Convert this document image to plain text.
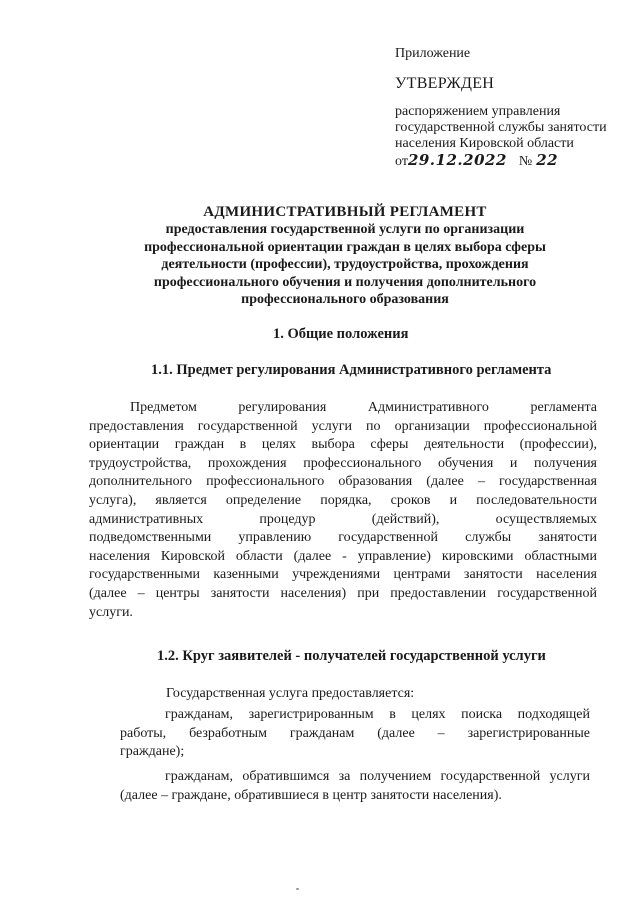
Приложение
УТВЕРЖДЕН
распоряжением управления
государственной службы занятости
населения Кировской области
от29.12.2022 № 22
АДМИНИСТРАТИВНЫЙ РЕГЛАМЕНТ
предоставления государственной услуги по организации
профессиональной ориентации граждан в целях выбора сферы
деятельности (профессии), трудоустройства, прохождения
профессионального обучения и получения дополнительного
профессионального образования
1. Общие положения
1.1. Предмет регулирования Административного регламента
Предметом регулирования Административного регламента
предоставления государственной услуги по организации профессиональной
ориентации граждан в целях выбора сферы деятельности (профессии),
трудоустройства, прохождения профессионального обучения и получения
дополнительного профессионального образования (далее – государственная
услуга), является определение порядка, сроков и последовательности
административных процедур (действий), осуществляемых
подведомственными управлению государственной службы занятости
населения Кировской области (далее - управление) кировскими областными
государственными казенными учреждениями центрами занятости населения
(далее – центры занятости населения) при предоставлении государственной
услуги.
1.2. Круг заявителей - получателей государственной услуги
Государственная услуга предоставляется:
гражданам, зарегистрированным в целях поиска подходящей
работы, безработным гражданам (далее – зарегистрированные
граждане);
гражданам, обратившимся за получением государственной услуги
(далее – граждане, обратившиеся в центр занятости населения).
